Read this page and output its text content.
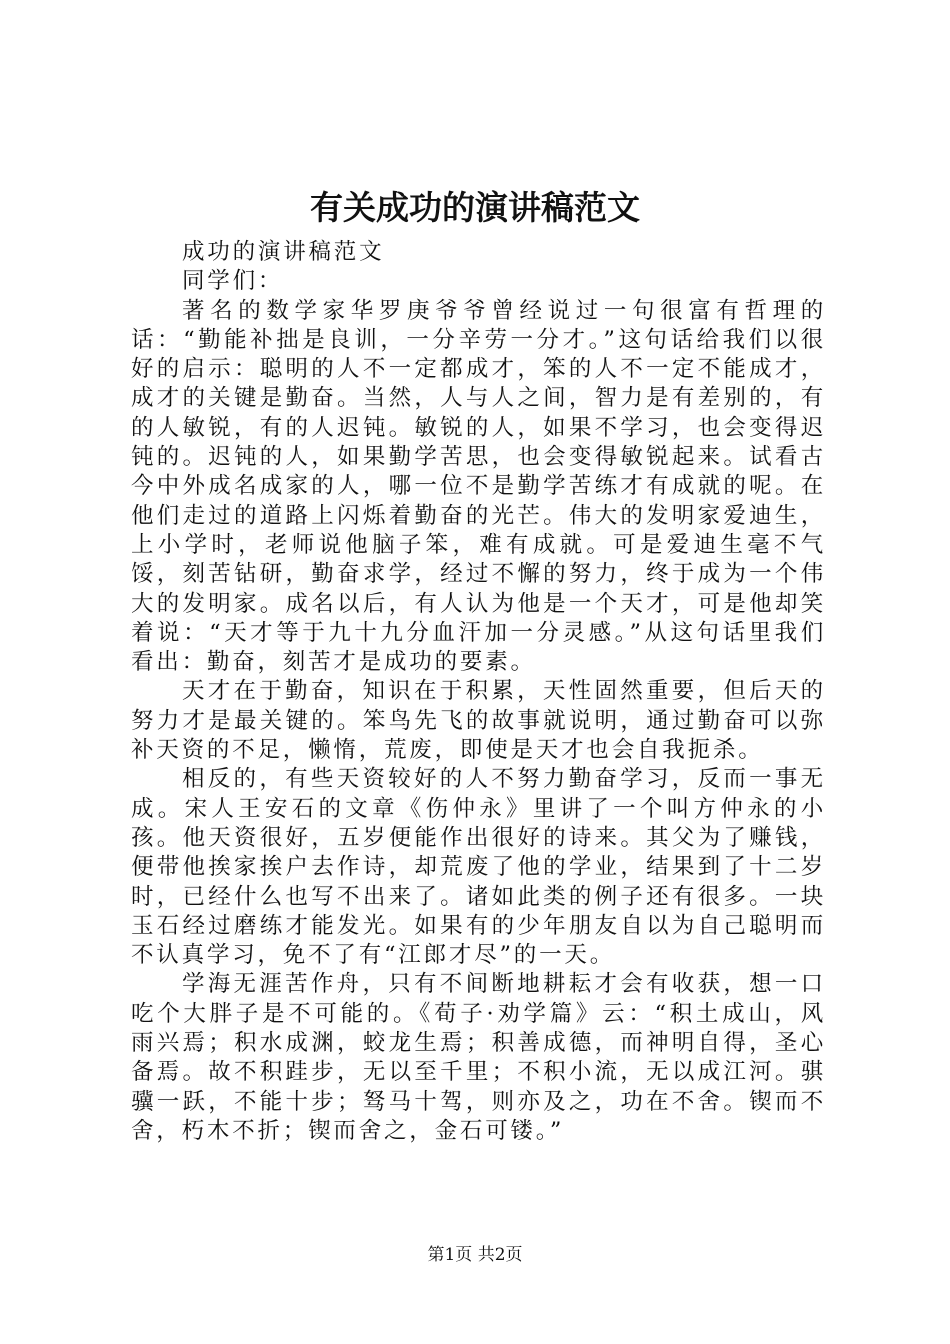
有关成功的演讲稿范文

成功的演讲稿范文

同学们：

著名的数学家华罗庚爷爷曾经说过一句很富有哲理的话：“勤能补拙是良训，一分辛劳一分才。”这句话给我们以很好的启示：聪明的人不一定都成才，笨的人不一定不能成才，成才的关键是勤奋。当然，人与人之间，智力是有差别的，有的人敏锐，有的人迟钝。敏锐的人，如果不学习，也会变得迟钝的。迟钝的人，如果勤学苦思，也会变得敏锐起来。试看古今中外成名成家的人，哪一位不是勤学苦练才有成就的呢。在他们走过的道路上闪烁着勤奋的光芒。伟大的发明家爱迪生，上小学时，老师说他脑子笨，难有成就。可是爱迪生毫不气馁，刻苦钻研，勤奋求学，经过不懈的努力，终于成为一个伟大的发明家。成名以后，有人认为他是一个天才，可是他却笑着说：“天才等于九十九分血汗加一分灵感。”从这句话里我们看出：勤奋，刻苦才是成功的要素。

天才在于勤奋，知识在于积累，天性固然重要，但后天的努力才是最关键的。笨鸟先飞的故事就说明，通过勤奋可以弥补天资的不足，懒惰，荒废，即使是天才也会自我扼杀。

相反的，有些天资较好的人不努力勤奋学习，反而一事无成。宋人王安石的文章《伤仲永》里讲了一个叫方仲永的小孩。他天资很好，五岁便能作出很好的诗来。其父为了赚钱，便带他挨家挨户去作诗，却荒废了他的学业，结果到了十二岁时，已经什么也写不出来了。诸如此类的例子还有很多。一块玉石经过磨练才能发光。如果有的少年朋友自以为自己聪明而不认真学习，免不了有“江郎才尽”的一天。

学海无涯苦作舟，只有不间断地耕耘才会有收获，想一口吃个大胖子是不可能的。《荀子·劝学篇》云：“积土成山，风雨兴焉；积水成渊，蛟龙生焉；积善成德，而神明自得，圣心备焉。故不积跬步，无以至千里；不积小流，无以成江河。骐骥一跃，不能十步；驽马十驾，则亦及之，功在不舍。锲而不舍，朽木不折；锲而舍之，金石可镂。”

第1页 共2页
